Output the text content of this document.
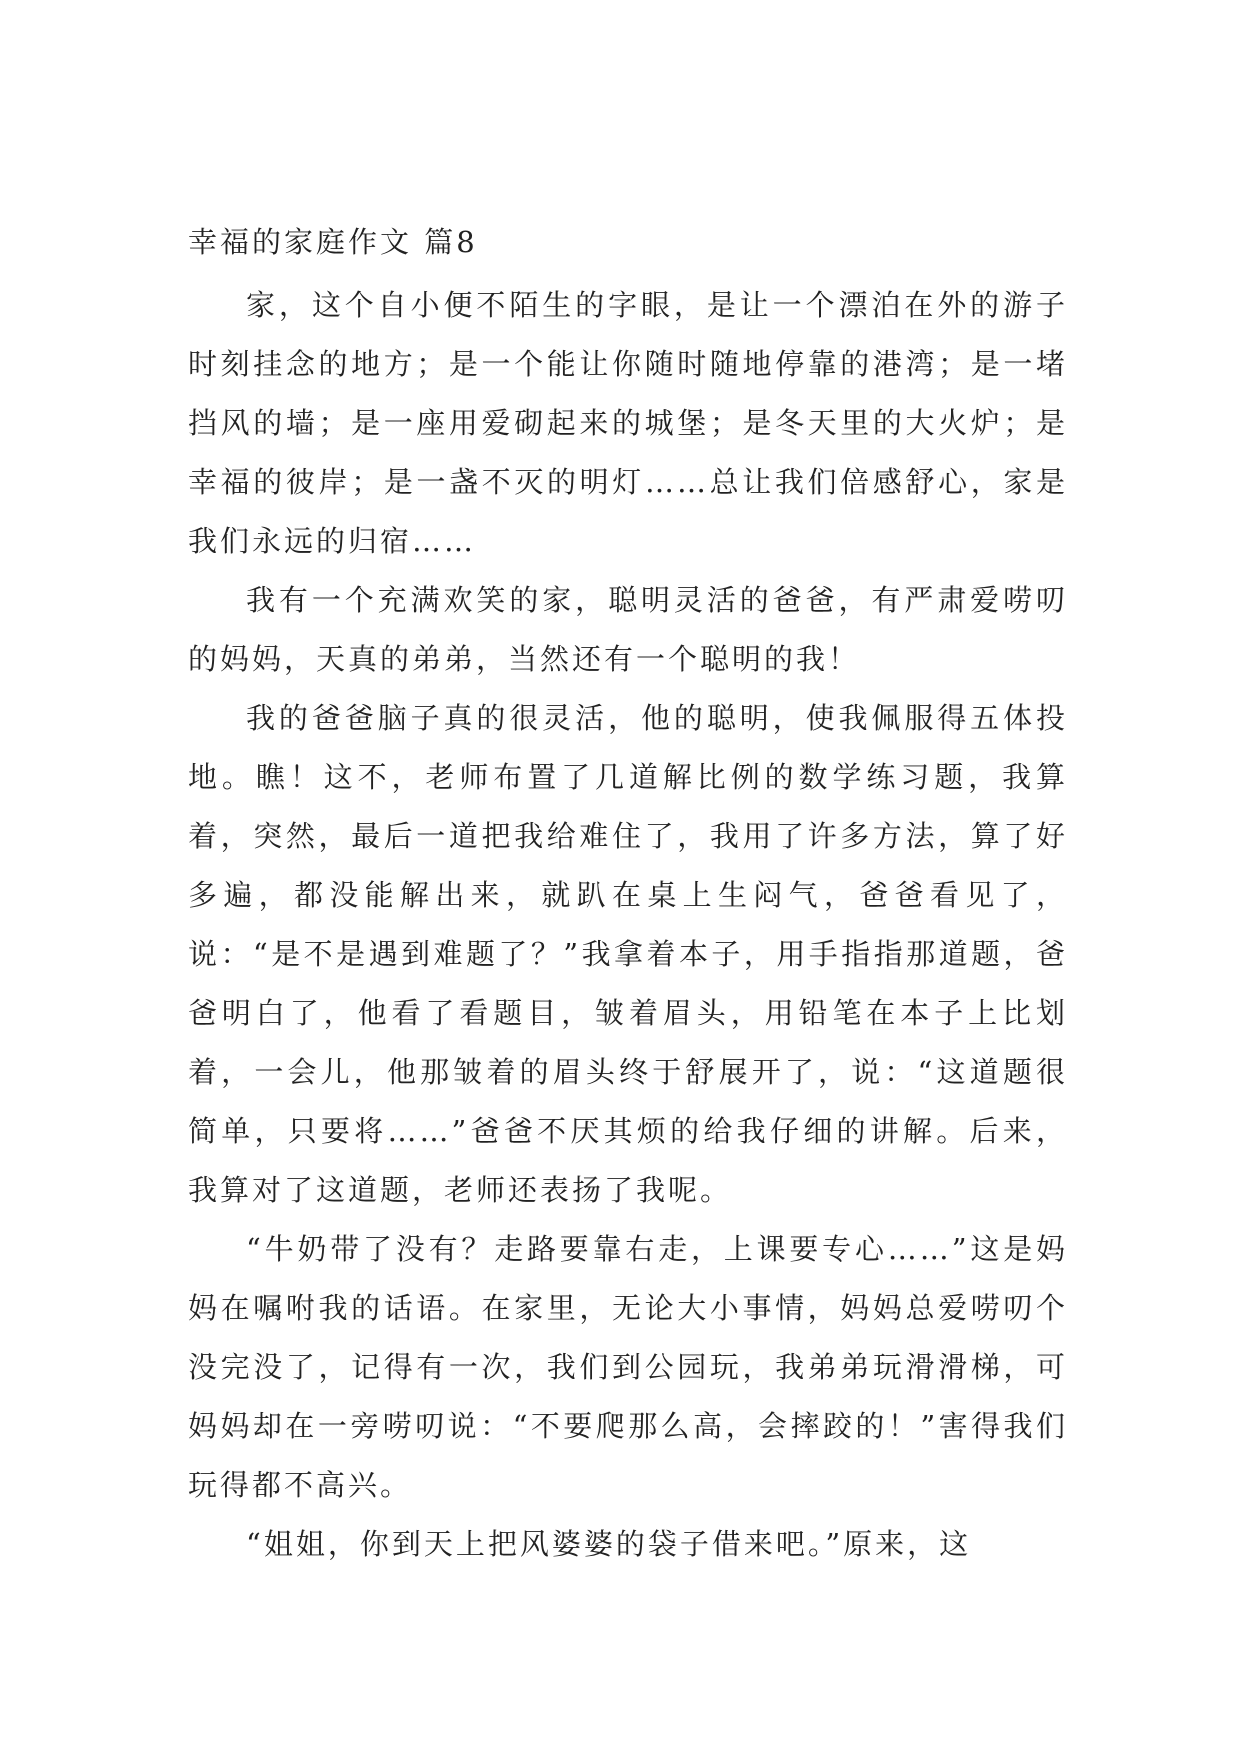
幸福的家庭作文 篇8

家，这个自小便不陌生的字眼，是让一个漂泊在外的游子时刻挂念的地方；是一个能让你随时随地停靠的港湾；是一堵挡风的墙；是一座用爱砌起来的城堡；是冬天里的大火炉；是幸福的彼岸；是一盏不灭的明灯……总让我们倍感舒心，家是我们永远的归宿……

我有一个充满欢笑的家，聪明灵活的爸爸，有严肃爱唠叨的妈妈，天真的弟弟，当然还有一个聪明的我！

我的爸爸脑子真的很灵活，他的聪明，使我佩服得五体投地。瞧！这不，老师布置了几道解比例的数学练习题，我算着，突然，最后一道把我给难住了，我用了许多方法，算了好多遍，都没能解出来，就趴在桌上生闷气，爸爸看见了，说：“是不是遇到难题了？”我拿着本子，用手指指那道题，爸爸明白了，他看了看题目，皱着眉头，用铅笔在本子上比划着，一会儿，他那皱着的眉头终于舒展开了，说：“这道题很简单，只要将……”爸爸不厌其烦的给我仔细的讲解。后来，我算对了这道题，老师还表扬了我呢。

“牛奶带了没有？走路要靠右走，上课要专心……”这是妈妈在嘱咐我的话语。在家里，无论大小事情，妈妈总爱唠叨个没完没了，记得有一次，我们到公园玩，我弟弟玩滑滑梯，可妈妈却在一旁唠叨说：“不要爬那么高，会摔跤的！”害得我们玩得都不高兴。

“姐姐，你到天上把风婆婆的袋子借来吧。”原来，这
